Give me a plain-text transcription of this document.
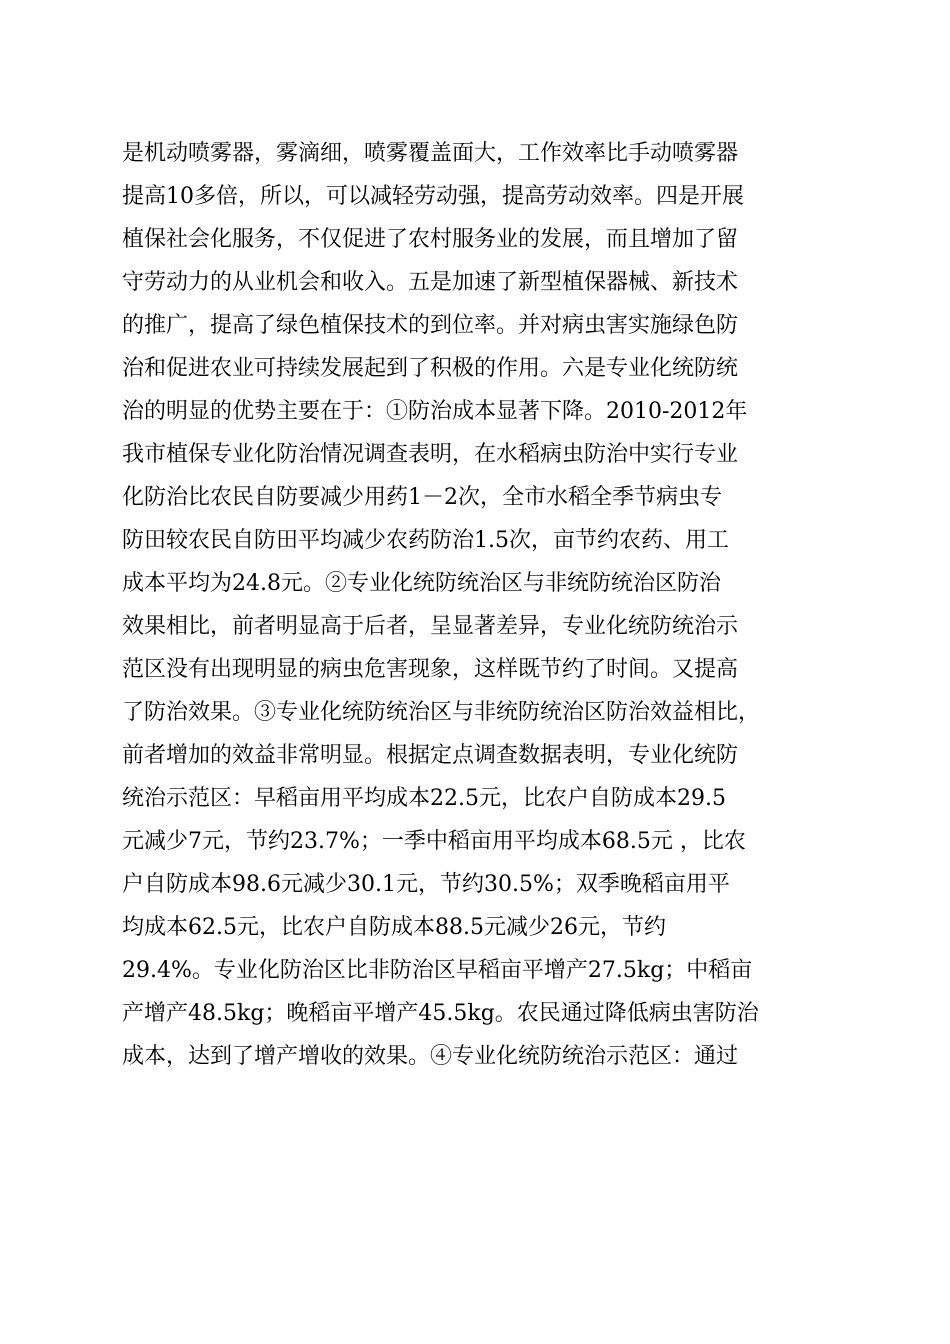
是机动喷雾器，雾滴细，喷雾覆盖面大，工作效率比手动喷雾器
提高10多倍，所以，可以减轻劳动强，提高劳动效率。四是开展
植保社会化服务，不仅促进了农村服务业的发展，而且增加了留
守劳动力的从业机会和收入。五是加速了新型植保器械、新技术
的推广，提高了绿色植保技术的到位率。并对病虫害实施绿色防
治和促进农业可持续发展起到了积极的作用。六是专业化统防统
治的明显的优势主要在于：①防治成本显著下降。2010-2012年
我市植保专业化防治情况调查表明，在水稻病虫防治中实行专业
化防治比农民自防要减少用药1－2次，全市水稻全季节病虫专
防田较农民自防田平均减少农药防治1.5次，亩节约农药、用工
成本平均为24.8元。②专业化统防统治区与非统防统治区防治
效果相比，前者明显高于后者，呈显著差异，专业化统防统治示
范区没有出现明显的病虫危害现象，这样既节约了时间。又提高
了防治效果。③专业化统防统治区与非统防统治区防治效益相比，
前者增加的效益非常明显。根据定点调查数据表明，专业化统防
统治示范区：早稻亩用平均成本22.5元，比农户自防成本29.5
元减少7元，节约23.7%；一季中稻亩用平均成本68.5元 ，比农
户自防成本98.6元减少30.1元，节约30.5%；双季晚稻亩用平
均成本62.5元，比农户自防成本88.5元减少26元，节约
29.4%。专业化防治区比非防治区早稻亩平增产27.5kg；中稻亩
产增产48.5kg；晚稻亩平增产45.5kg。农民通过降低病虫害防治
成本，达到了增产增收的效果。④专业化统防统治示范区：通过
